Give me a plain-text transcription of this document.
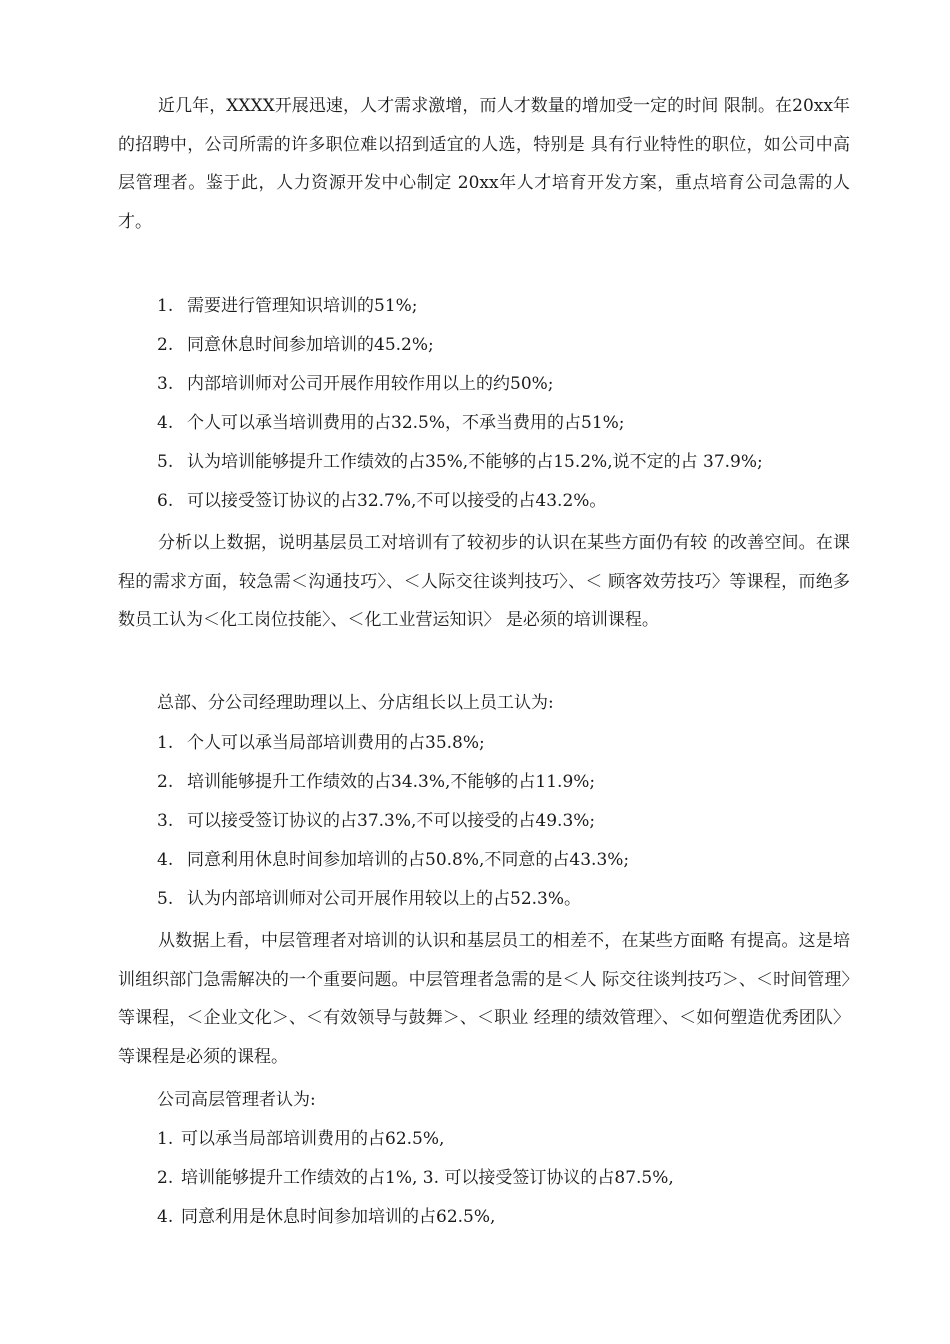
近几年，XXXX开展迅速，人才需求激增，而人才数量的增加受一定的时间 限制。在20xx年的招聘中，公司所需的许多职位难以招到适宜的人选，特别是 具有行业特性的职位，如公司中高层管理者。鉴于此，人力资源开发中心制定 20xx年人才培育开发方案，重点培育公司急需的人才。

1. 需要进行管理知识培训的51%;
2. 同意休息时间参加培训的45.2%;
3. 内部培训师对公司开展作用较作用以上的约50%;
4. 个人可以承当培训费用的占32.5%，不承当费用的占51%;
5. 认为培训能够提升工作绩效的占35%,不能够的占15.2%,说不定的占 37.9%;
6. 可以接受签订协议的占32.7%,不可以接受的占43.2%。

分析以上数据，说明基层员工对培训有了较初步的认识在某些方面仍有较 的改善空间。在课程的需求方面，较急需＜沟通技巧〉、＜人际交往谈判技巧〉、＜ 顾客效劳技巧〉等课程，而绝多数员工认为＜化工岗位技能〉、＜化工业营运知识〉 是必须的培训课程。

总部、分公司经理助理以上、分店组长以上员工认为:
1. 个人可以承当局部培训费用的占35.8%;
2. 培训能够提升工作绩效的占34.3%,不能够的占11.9%;
3. 可以接受签订协议的占37.3%,不可以接受的占49.3%;
4. 同意利用休息时间参加培训的占50.8%,不同意的占43.3%;
5. 认为内部培训师对公司开展作用较以上的占52.3%。

从数据上看，中层管理者对培训的认识和基层员工的相差不，在某些方面略 有提高。这是培训组织部门急需解决的一个重要问题。中层管理者急需的是＜人 际交往谈判技巧＞、＜时间管理〉等课程，＜企业文化＞、＜有效领导与鼓舞＞、＜职业 经理的绩效管理〉、＜如何塑造优秀团队〉等课程是必须的课程。

公司高层管理者认为:
1. 可以承当局部培训费用的占62.5%,
2. 培训能够提升工作绩效的占1%, 3. 可以接受签订协议的占87.5%,
4. 同意利用是休息时间参加培训的占62.5%,
